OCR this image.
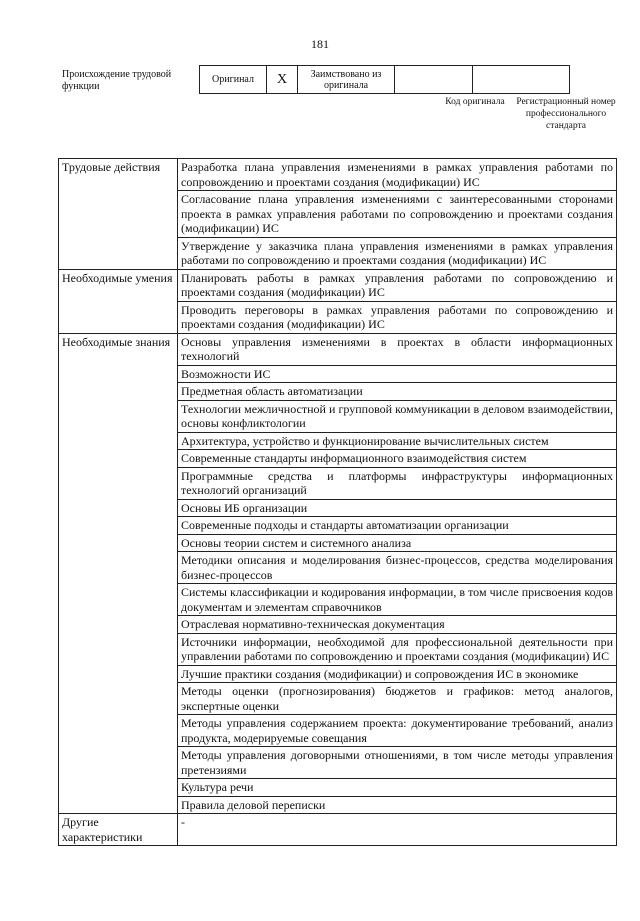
181
Происхождение трудовой функции
Оригинал	X	Заимствовано из оригинала		
Код оригинала	Регистрационный номер профессионального стандарта
Трудовые действия	Разработка плана управления изменениями в рамках управления работами по сопровождению и проектами создания (модификации) ИС
	Согласование плана управления изменениями с заинтересованными сторонами проекта в рамках управления работами по сопровождению и проектами создания (модификации) ИС
	Утверждение у заказчика плана управления изменениями в рамках управления работами по сопровождению и проектами создания (модификации) ИС
Необходимые умения	Планировать работы в рамках управления работами по сопровождению и проектами создания (модификации) ИС
	Проводить переговоры в рамках управления работами по сопровождению и проектами создания (модификации) ИС
Необходимые знания	Основы управления изменениями в проектах в области информационных технологий
	Возможности ИС
	Предметная область автоматизации
	Технологии межличностной и групповой коммуникации в деловом взаимодействии, основы конфликтологии
	Архитектура, устройство и функционирование вычислительных систем
	Современные стандарты информационного взаимодействия систем
	Программные средства и платформы инфраструктуры информационных технологий организаций
	Основы ИБ организации
	Современные подходы и стандарты автоматизации организации
	Основы теории систем и системного анализа
	Методики описания и моделирования бизнес-процессов, средства моделирования бизнес-процессов
	Системы классификации и кодирования информации, в том числе присвоения кодов документам и элементам справочников
	Отраслевая нормативно-техническая документация
	Источники информации, необходимой для профессиональной деятельности при управлении работами по сопровождению и проектами создания (модификации) ИС
	Лучшие практики создания (модификации) и сопровождения ИС в экономике
	Методы оценки (прогнозирования) бюджетов и графиков: метод аналогов, экспертные оценки
	Методы управления содержанием проекта: документирование требований, анализ продукта, модерируемые совещания
	Методы управления договорными отношениями, в том числе методы управления претензиями
	Культура речи
	Правила деловой переписки
Другие характеристики	-
